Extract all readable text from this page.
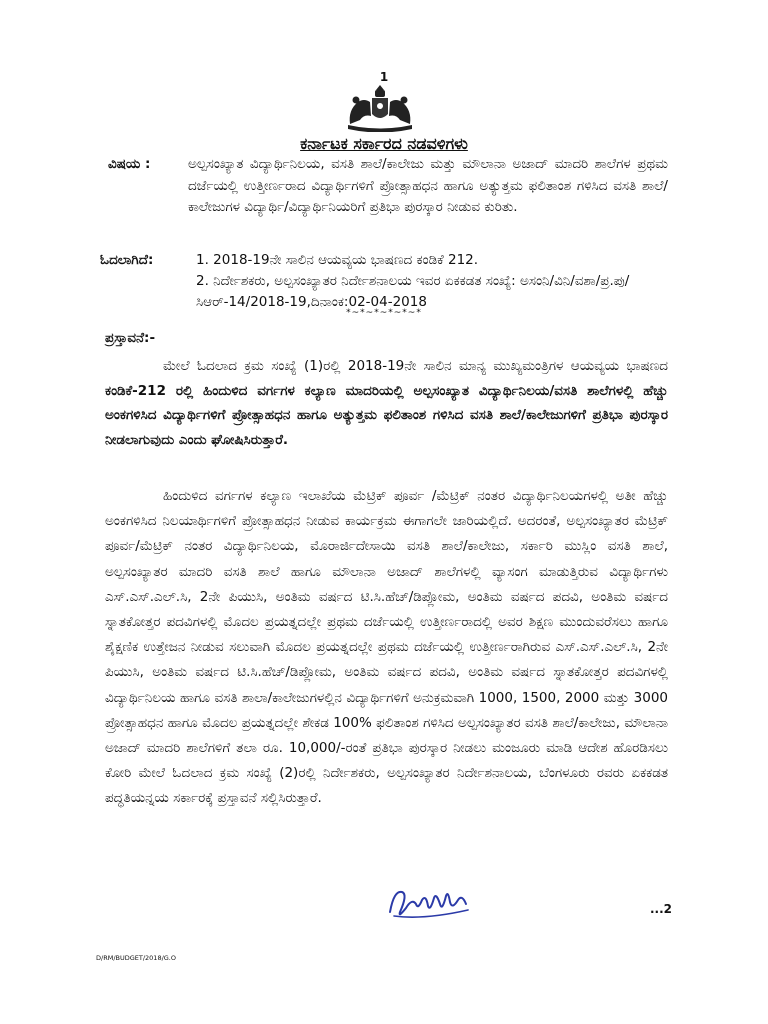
1
ಕರ್ನಾಟಕ ಸರ್ಕಾರದ ನಡವಳಿಗಳು
ವಿಷಯ :	ಅಲ್ಪಸಂಖ್ಯಾತ ವಿದ್ಯಾರ್ಥಿನಿಲಯ, ವಸತಿ ಶಾಲೆ/ಕಾಲೇಜು ಮತ್ತು ಮೌಲಾನಾ ಅಜಾದ್ ಮಾದರಿ ಶಾಲೆಗಳ ಪ್ರಥಮ ದರ್ಜೆಯಲ್ಲಿ ಉತ್ತೀರ್ಣರಾದ ವಿದ್ಯಾರ್ಥಿಗಳಿಗೆ ಪ್ರೋತ್ಸಾಹಧನ ಹಾಗೂ ಅತ್ಯುತ್ತಮ ಫಲಿತಾಂಶ ಗಳಿಸಿದ ವಸತಿ ಶಾಲೆ/ಕಾಲೇಜುಗಳ ವಿದ್ಯಾರ್ಥಿ/ವಿದ್ಯಾರ್ಥಿನಿಯರಿಗೆ ಪ್ರತಿಭಾ ಪುರಸ್ಕಾರ ನೀಡುವ ಕುರಿತು.
ಓದಲಾಗಿದೆ:	1. 2018-19ನೇ ಸಾಲಿನ ಆಯವ್ಯಯ ಭಾಷಣದ ಕಂಡಿಕೆ 212.
2. ನಿರ್ದೇಶಕರು, ಅಲ್ಪಸಂಖ್ಯಾತರ ನಿರ್ದೇಶನಾಲಯ ಇವರ ಏಕಕಡತ ಸಂಖ್ಯೆ: ಅಸಂನಿ/ವಿನಿ/ವಶಾ/ಪ್ರ.ಪು/ಸಿಆರ್-14/2018-19,ದಿನಾಂಕ:02-04-2018
*~*~*~*~*~*
ಪ್ರಸ್ತಾವನೆ:-
ಮೇಲೆ ಓದಲಾದ ಕ್ರಮ ಸಂಖ್ಯೆ (1)ರಲ್ಲಿ 2018-19ನೇ ಸಾಲಿನ ಮಾನ್ಯ ಮುಖ್ಯಮಂತ್ರಿಗಳ ಆಯವ್ಯಯ ಭಾಷಣದ ಕಂಡಿಕೆ-212 ರಲ್ಲಿ ಹಿಂದುಳಿದ ವರ್ಗಗಳ ಕಲ್ಯಾಣ ಮಾದರಿಯಲ್ಲಿ ಅಲ್ಪಸಂಖ್ಯಾತ ವಿದ್ಯಾರ್ಥಿನಿಲಯ/ವಸತಿ ಶಾಲೆಗಳಲ್ಲಿ ಹೆಚ್ಚು ಅಂಕಗಳಿಸಿದ ವಿದ್ಯಾರ್ಥಿಗಳಿಗೆ ಪ್ರೋತ್ಸಾಹಧನ ಹಾಗೂ ಅತ್ಯುತ್ತಮ ಫಲಿತಾಂಶ ಗಳಿಸಿದ ವಸತಿ ಶಾಲೆ/ಕಾಲೇಜುಗಳಿಗೆ ಪ್ರತಿಭಾ ಪುರಸ್ಕಾರ ನೀಡಲಾಗುವುದು ಎಂದು ಘೋಷಿಸಿರುತ್ತಾರೆ.
ಹಿಂದುಳಿದ ವರ್ಗಗಳ ಕಲ್ಯಾಣ ಇಲಾಖೆಯ ಮೆಟ್ರಿಕ್ ಪೂರ್ವ /ಮೆಟ್ರಿಕ್ ನಂತರ ವಿದ್ಯಾರ್ಥಿನಿಲಯಗಳಲ್ಲಿ ಅತೀ ಹೆಚ್ಚು ಅಂಕಗಳಿಸಿದ ನಿಲಯಾರ್ಥಿಗಳಿಗೆ ಪ್ರೋತ್ಸಾಹಧನ ನೀಡುವ ಕಾರ್ಯಕ್ರಮ ಈಗಾಗಲೇ ಜಾರಿಯಲ್ಲಿದೆ. ಅದರಂತೆ, ಅಲ್ಪಸಂಖ್ಯಾತರ ಮೆಟ್ರಿಕ್ ಪೂರ್ವ/ಮೆಟ್ರಿಕ್ ನಂತರ ವಿದ್ಯಾರ್ಥಿನಿಲಯ, ಮೊರಾರ್ಜಿದೇಸಾಯಿ ವಸತಿ ಶಾಲೆ/ಕಾಲೇಜು, ಸರ್ಕಾರಿ ಮುಸ್ಲಿಂ ವಸತಿ ಶಾಲೆ, ಅಲ್ಪಸಂಖ್ಯಾತರ ಮಾದರಿ ವಸತಿ ಶಾಲೆ ಹಾಗೂ ಮೌಲಾನಾ ಅಜಾದ್ ಶಾಲೆಗಳಲ್ಲಿ ವ್ಯಾಸಂಗ ಮಾಡುತ್ತಿರುವ ವಿದ್ಯಾರ್ಥಿಗಳು ಎಸ್.ಎಸ್.ಎಲ್.ಸಿ, 2ನೇ ಪಿಯುಸಿ, ಅಂತಿಮ ವರ್ಷದ ಟಿ.ಸಿ.ಹೆಚ್/ಡಿಪ್ಲೋಮ, ಅಂತಿಮ ವರ್ಷದ ಪದವಿ, ಅಂತಿಮ ವರ್ಷದ ಸ್ನಾತಕೋತ್ತರ ಪದವಿಗಳಲ್ಲಿ ಮೊದಲ ಪ್ರಯತ್ನದಲ್ಲೇ ಪ್ರಥಮ ದರ್ಜೆಯಲ್ಲಿ ಉತ್ತೀರ್ಣರಾದಲ್ಲಿ ಅವರ ಶಿಕ್ಷಣ ಮುಂದುವರೆಸಲು ಹಾಗೂ ಶೈಕ್ಷಣಿಕ ಉತ್ತೇಜನ ನೀಡುವ ಸಲುವಾಗಿ ಮೊದಲ ಪ್ರಯತ್ನದಲ್ಲೇ ಪ್ರಥಮ ದರ್ಜೆಯಲ್ಲಿ ಉತ್ತೀರ್ಣರಾಗಿರುವ ಎಸ್.ಎಸ್.ಎಲ್.ಸಿ, 2ನೇ ಪಿಯುಸಿ, ಅಂತಿಮ ವರ್ಷದ ಟಿ.ಸಿ.ಹೆಚ್/ಡಿಪ್ಲೋಮ, ಅಂತಿಮ ವರ್ಷದ ಪದವಿ, ಅಂತಿಮ ವರ್ಷದ ಸ್ನಾತಕೋತ್ತರ ಪದವಿಗಳಲ್ಲಿ ವಿದ್ಯಾರ್ಥಿನಿಲಯ ಹಾಗೂ ವಸತಿ ಶಾಲಾ/ಕಾಲೇಜುಗಳಲ್ಲಿನ ವಿದ್ಯಾರ್ಥಿಗಳಿಗೆ ಅನುಕ್ರಮವಾಗಿ 1000, 1500, 2000 ಮತ್ತು 3000 ಪ್ರೋತ್ಸಾಹಧನ ಹಾಗೂ ಮೊದಲ ಪ್ರಯತ್ನದಲ್ಲೇ ಶೇಕಡ 100% ಫಲಿತಾಂಶ ಗಳಿಸಿದ ಅಲ್ಪಸಂಖ್ಯಾತರ ವಸತಿ ಶಾಲೆ/ಕಾಲೇಜು, ಮೌಲಾನಾ ಅಜಾದ್ ಮಾದರಿ ಶಾಲೆಗಳಿಗೆ ತಲಾ ರೂ. 10,000/-ರಂತೆ ಪ್ರತಿಭಾ ಪುರಸ್ಕಾರ ನೀಡಲು ಮಂಜೂರು ಮಾಡಿ ಆದೇಶ ಹೊರಡಿಸಲು ಕೋರಿ ಮೇಲೆ ಓದಲಾದ ಕ್ರಮ ಸಂಖ್ಯೆ (2)ರಲ್ಲಿ ನಿರ್ದೇಶಕರು, ಅಲ್ಪಸಂಖ್ಯಾತರ ನಿರ್ದೇಶನಾಲಯ, ಬೆಂಗಳೂರು ರವರು ಏಕಕಡತ ಪದ್ಧತಿಯನ್ನಯ ಸರ್ಕಾರಕ್ಕೆ ಪ್ರಸ್ತಾವನೆ ಸಲ್ಲಿಸಿರುತ್ತಾರೆ.
...2
D/RM/BUDGET/2018/G.O
